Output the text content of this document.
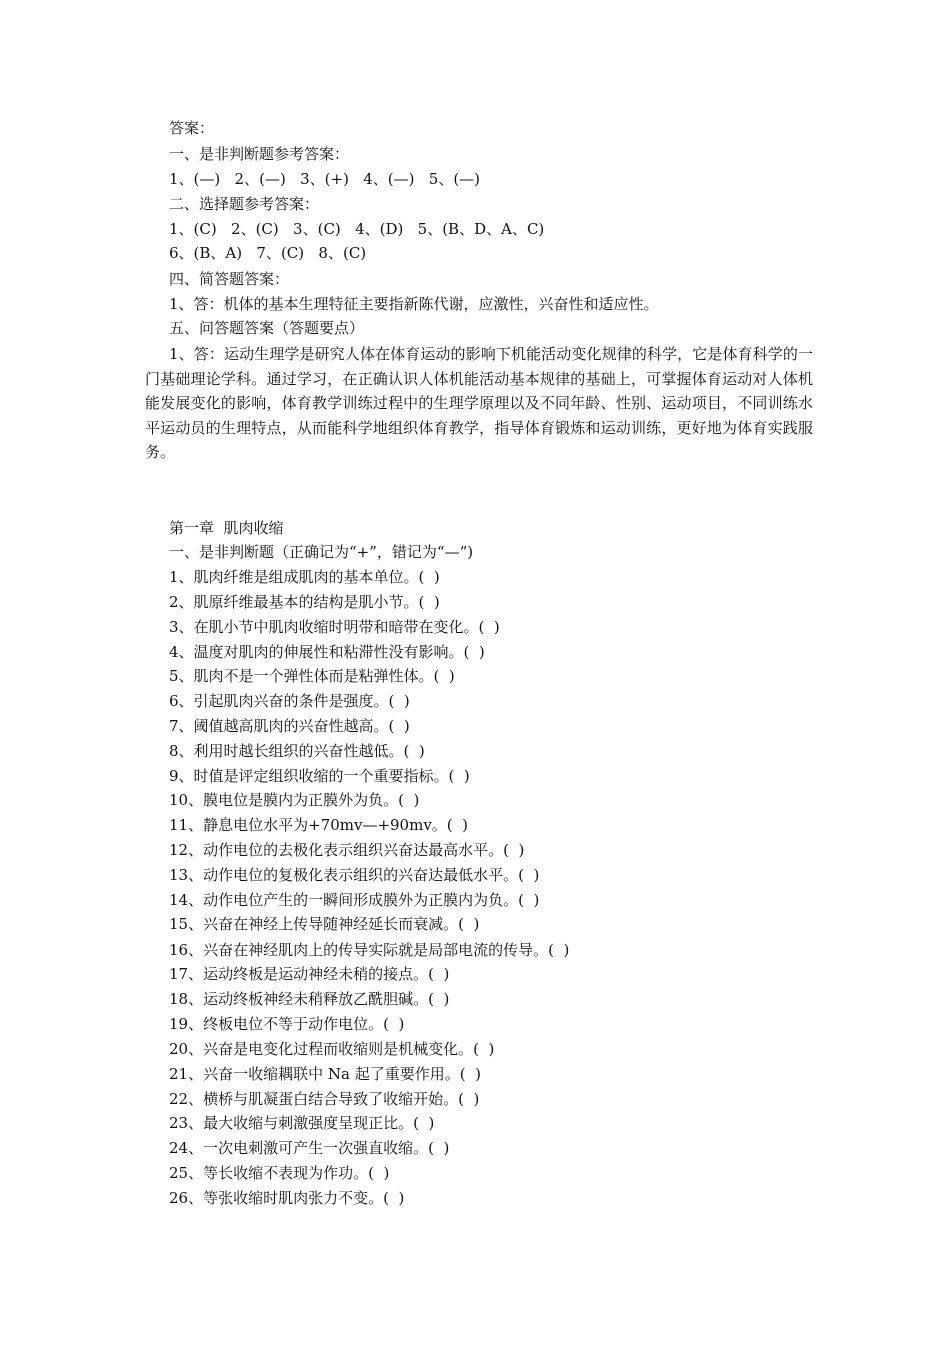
答案：
一、是非判断题参考答案：
1、(—)   2、(—)   3、(+)   4、(—)   5、(—)
二、选择题参考答案：
1、(C)   2、(C)   3、(C)   4、(D)   5、(B、D、A、C)
6、(B、A)   7、(C)   8、(C)
四、简答题答案：
1、答：机体的基本生理特征主要指新陈代谢，应激性，兴奋性和适应性。
五、问答题答案（答题要点）
1、答：运动生理学是研究人体在体育运动的影响下机能活动变化规律的科学，它是体育科学的一门基础理论学科。通过学习，在正确认识人体机能活动基本规律的基础上，可掌握体育运动对人体机能发展变化的影响，体育教学训练过程中的生理学原理以及不同年龄、性别、运动项目，不同训练水平运动员的生理特点，从而能科学地组织体育教学，指导体育锻炼和运动训练，更好地为体育实践服务。
第一章  肌肉收缩
一、是非判断题（正确记为“+”，错记为“—”)
1、肌肉纤维是组成肌肉的基本单位。(  )
2、肌原纤维最基本的结构是肌小节。(  )
3、在肌小节中肌肉收缩时明带和暗带在变化。(  )
4、温度对肌肉的伸展性和粘滞性没有影响。(  )
5、肌肉不是一个弹性体而是粘弹性体。(  )
6、引起肌肉兴奋的条件是强度。(  )
7、阈值越高肌肉的兴奋性越高。(  )
8、利用时越长组织的兴奋性越低。(  )
9、时值是评定组织收缩的一个重要指标。(  )
10、膜电位是膜内为正膜外为负。(  )
11、静息电位水平为+70mv—+90mv。(  )
12、动作电位的去极化表示组织兴奋达最高水平。(  )
13、动作电位的复极化表示组织的兴奋达最低水平。(  )
14、动作电位产生的一瞬间形成膜外为正膜内为负。(  )
15、兴奋在神经上传导随神经延长而衰减。(  )
16、兴奋在神经肌肉上的传导实际就是局部电流的传导。(  )
17、运动终板是运动神经未稍的接点。(  )
18、运动终板神经未稍释放乙酰胆碱。(  )
19、终板电位不等于动作电位。(  )
20、兴奋是电变化过程而收缩则是机械变化。(  )
21、兴奋一收缩耦联中 Na 起了重要作用。(  )
22、横桥与肌凝蛋白结合导致了收缩开始。(  )
23、最大收缩与刺激强度呈现正比。(  )
24、一次电刺激可产生一次强直收缩。(  )
25、等长收缩不表现为作功。(  )
26、等张收缩时肌肉张力不变。(  )
